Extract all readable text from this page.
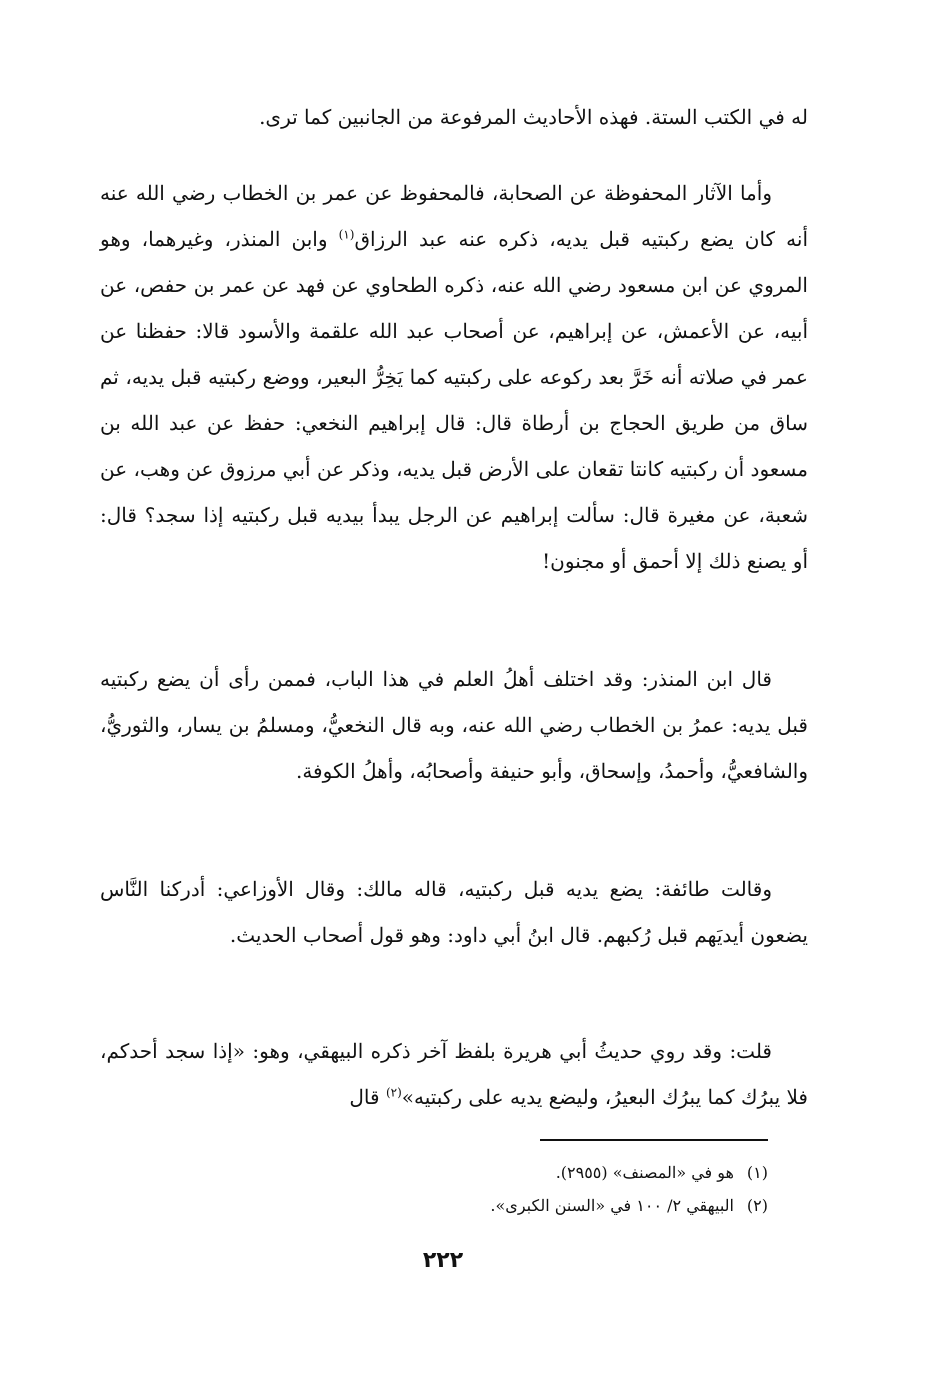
له في الكتب الستة. فهذه الأحاديث المرفوعة من الجانبين كما ترى.

وأما الآثار المحفوظة عن الصحابة، فالمحفوظ عن عمر بن الخطاب رضي الله عنه أنه كان يضع ركبتيه قبل يديه، ذكره عنه عبد الرزاق$^{(١)}$ وابن المنذر، وغيرهما، وهو المروي عن ابن مسعود رضي الله عنه، ذكره الطحاوي عن فهد عن عمر بن حفص، عن أبيه، عن الأعمش، عن إبراهيم، عن أصحاب عبد الله علقمة والأسود قالا: حفظنا عن عمر في صلاته أنه خَرَّ بعد ركوعه على ركبتيه كما يَخِرُّ البعير، ووضع ركبتيه قبل يديه، ثم ساق من طريق الحجاج بن أرطاة قال: قال إبراهيم النخعي: حفظ عن عبد الله بن مسعود أن ركبتيه كانتا تقعان على الأرض قبل يديه، وذكر عن أبي مرزوق عن وهب، عن شعبة، عن مغيرة قال: سألت إبراهيم عن الرجل يبدأ بيديه قبل ركبتيه إذا سجد؟ قال: أو يصنع ذلك إلا أحمق أو مجنون!

قال ابن المنذر: وقد اختلف أهلُ العلم في هذا الباب، فممن رأى أن يضع ركبتيه قبل يديه: عمرُ بن الخطاب رضي الله عنه، وبه قال النخعيُّ، ومسلمُ بن يسار، والثوريُّ، والشافعيُّ، وأحمدُ، وإسحاق، وأبو حنيفة وأصحابُه، وأهلُ الكوفة.

وقالت طائفة: يضع يديه قبل ركبتيه، قاله مالك: وقال الأوزاعي: أدركنا النَّاس يضعون أيديَهم قبل رُكبهم. قال ابنُ أبي داود: وهو قول أصحاب الحديث.

قلت: وقد روي حديثُ أبي هريرة بلفظ آخر ذكره البيهقي، وهو: «إذا سجد أحدكم، فلا يبرُك كما يبرُك البعيرُ، وليضع يديه على ركبتيه»$^{(٢)}$ قال

(١)هو في «المصنف» (٢٩٥٥).
(٢)البيهقي ٢/ ١٠٠ في «السنن الكبرى».
٢٢٢
